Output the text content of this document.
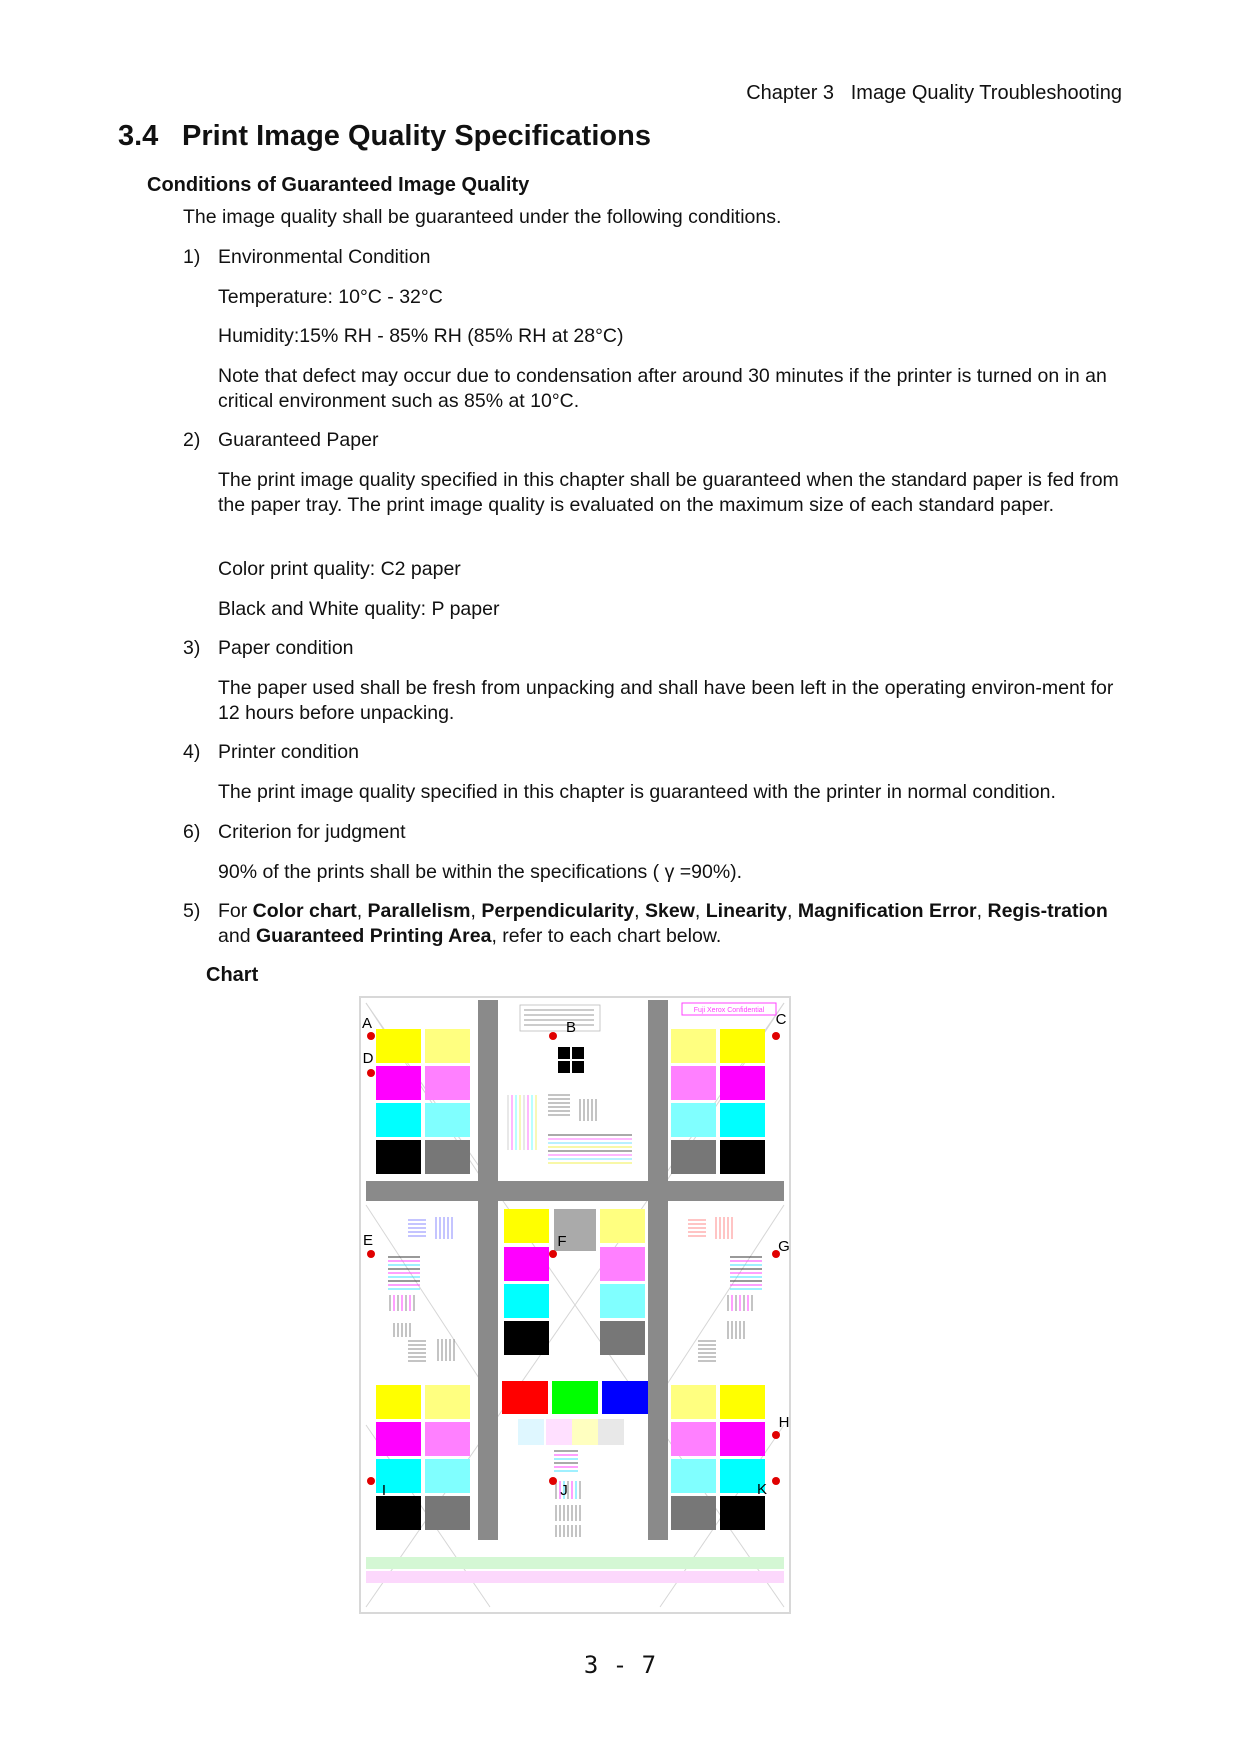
Chapter 3   Image Quality Troubleshooting
3.4 Print Image Quality Specifications
Conditions of Guaranteed Image Quality

The image quality shall be guaranteed under the following conditions.

1) Environmental Condition

Temperature: 10°C - 32°C

Humidity:15% RH - 85% RH (85% RH at 28°C)

Note that defect may occur due to condensation after around 30 minutes if the printer is turned on in an critical environment such as 85% at 10°C.

2) Guaranteed Paper

The print image quality specified in this chapter shall be guaranteed when the standard paper is fed from the paper tray. The print image quality is evaluated on the maximum size of each standard paper.

Color print quality: C2 paper

Black and White quality: P paper

3) Paper condition

The paper used shall be fresh from unpacking and shall have been left in the operating environ-ment for 12 hours before unpacking.

4) Printer condition

The print image quality specified in this chapter is guaranteed with the printer in normal condition.

6) Criterion for judgment

90% of the prints shall be within the specifications ( γ =90%).

5) For Color chart, Parallelism, Perpendicularity, Skew, Linearity, Magnification Error, Regis-tration and Guaranteed Printing Area, refer to each chart below.

Chart

Fuji Xerox Confidential
A	B	C
D
E	F	G
H
I	J	K
3 - 7
